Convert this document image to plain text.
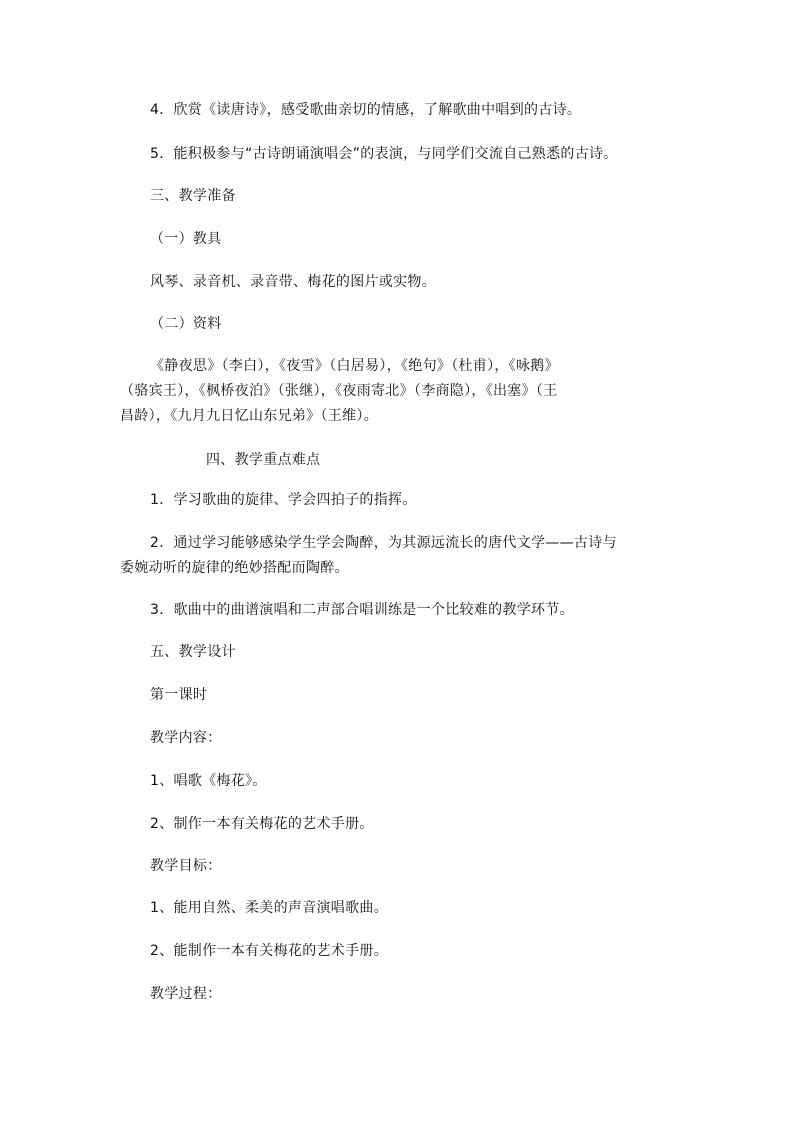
4．欣赏《读唐诗》，感受歌曲亲切的情感，了解歌曲中唱到的古诗。
5．能积极参与“古诗朗诵演唱会”的表演，与同学们交流自己熟悉的古诗。
三、教学准备
（一）教具
风琴、录音机、录音带、梅花的图片或实物。
（二）资料
《静夜思》（李白），《夜雪》（白居易），《绝句》（杜甫），《咏鹅》
（骆宾王），《枫桥夜泊》（张继），《夜雨寄北》（李商隐），《出塞》（王
昌龄），《九月九日忆山东兄弟》（王维）。
四、教学重点难点
1．学习歌曲的旋律、学会四拍子的指挥。
2．通过学习能够感染学生学会陶醉，为其源远流长的唐代文学——古诗与
委婉动听的旋律的绝妙搭配而陶醉。
3．歌曲中的曲谱演唱和二声部合唱训练是一个比较难的教学环节。
五、教学设计
第一课时
教学内容：
1、唱歌《梅花》。
2、制作一本有关梅花的艺术手册。
教学目标：
1、能用自然、柔美的声音演唱歌曲。
2、能制作一本有关梅花的艺术手册。
教学过程：
